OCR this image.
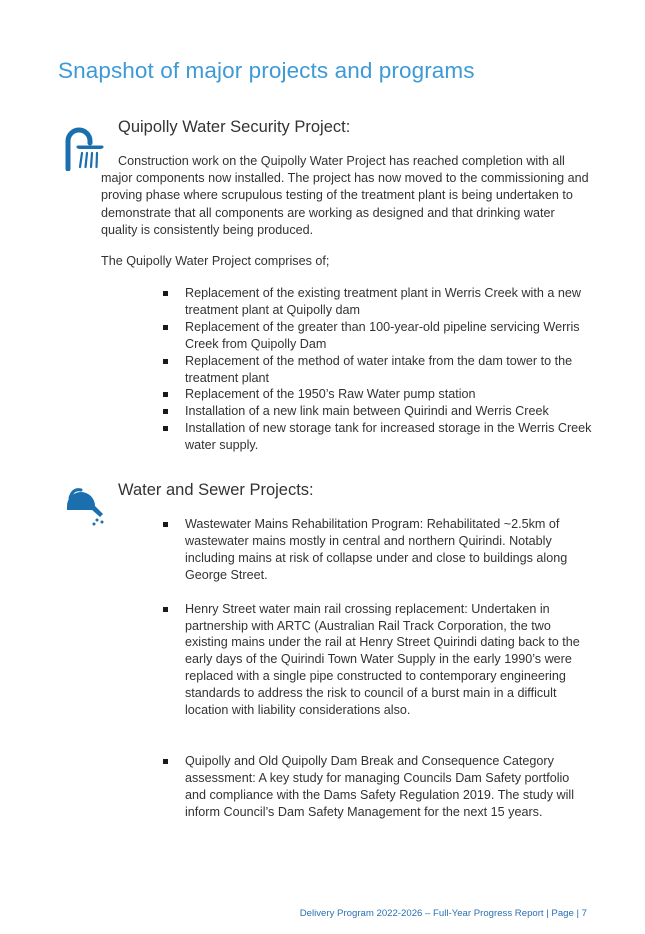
Snapshot of major projects and programs
Quipolly Water Security Project:

Construction work on the Quipolly Water Project has reached completion with all major components now installed. The project has now moved to the commissioning and proving phase where scrupulous testing of the treatment plant is being undertaken to demonstrate that all components are working as designed and that drinking water quality is consistently being produced.

The Quipolly Water Project comprises of;

Replacement of the existing treatment plant in Werris Creek with a new treatment plant at Quipolly dam
Replacement of the greater than 100-year-old pipeline servicing Werris Creek from Quipolly Dam
Replacement of the method of water intake from the dam tower to the treatment plant
Replacement of the 1950’s Raw Water pump station
Installation of a new link main between Quirindi and Werris Creek
Installation of new storage tank for increased storage in the Werris Creek water supply.
Water and Sewer Projects:
Wastewater Mains Rehabilitation Program: Rehabilitated ~2.5km of wastewater mains mostly in central and northern Quirindi. Notably including mains at risk of collapse under and close to buildings along George Street.
Henry Street water main rail crossing replacement: Undertaken in partnership with ARTC (Australian Rail Track Corporation, the two existing mains under the rail at Henry Street Quirindi dating back to the early days of the Quirindi Town Water Supply in the early 1990’s were replaced with a single pipe constructed to contemporary engineering standards to address the risk to council of a burst main in a difficult location with liability considerations also.
Quipolly and Old Quipolly Dam Break and Consequence Category assessment: A key study for managing Councils Dam Safety portfolio and compliance with the Dams Safety Regulation 2019. The study will inform Council’s Dam Safety Management for the next 15 years.
Delivery Program 2022-2026 – Full-Year Progress Report | Page | 7
